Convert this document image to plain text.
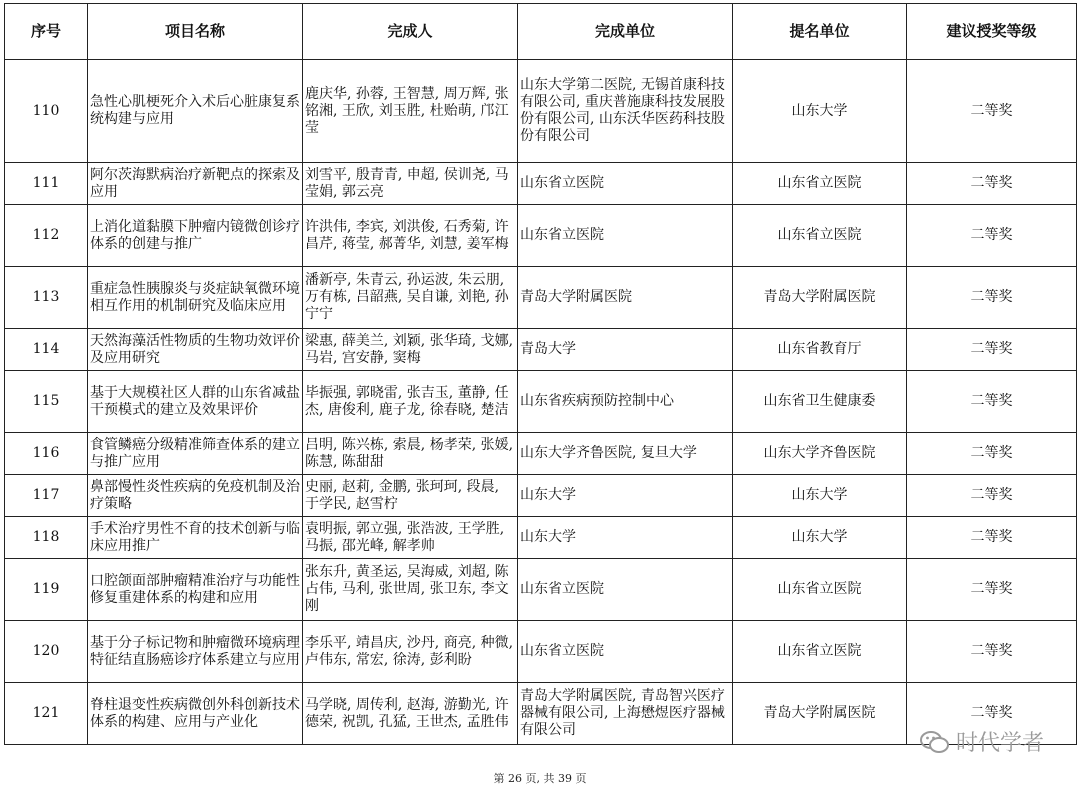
序号	项目名称	完成人	完成单位	提名单位	建议授奖等级
110	急性心肌梗死介入术后心脏康复系统构建与应用	鹿庆华, 孙蓉, 王智慧, 周万辉, 张铭湘, 王欣, 刘玉胜, 杜贻萌, 邝江莹	山东大学第二医院, 无锡首康科技有限公司, 重庆普施康科技发展股份有限公司, 山东沃华医药科技股份有限公司	山东大学	二等奖
111	阿尔茨海默病治疗新靶点的探索及应用	刘雪平, 殷青青, 申超, 侯训尧, 马莹娟, 郭云亮	山东省立医院	山东省立医院	二等奖
112	上消化道黏膜下肿瘤内镜微创诊疗体系的创建与推广	许洪伟, 李宾, 刘洪俊, 石秀菊, 许昌芹, 蒋莹, 郝菁华, 刘慧, 姜军梅	山东省立医院	山东省立医院	二等奖
113	重症急性胰腺炎与炎症缺氧微环境相互作用的机制研究及临床应用	潘新亭, 朱青云, 孙运波, 朱云朋, 万有栋, 吕韶燕, 吴自谦, 刘艳, 孙宁宁	青岛大学附属医院	青岛大学附属医院	二等奖
114	天然海藻活性物质的生物功效评价及应用研究	梁惠, 薛美兰, 刘颖, 张华琦, 戈娜, 马岩, 宫安静, 窦梅	青岛大学	山东省教育厅	二等奖
115	基于大规模社区人群的山东省减盐干预模式的建立及效果评价	毕振强, 郭晓雷, 张吉玉, 董静, 任杰, 唐俊利, 鹿子龙, 徐春晓, 楚洁	山东省疾病预防控制中心	山东省卫生健康委	二等奖
116	食管鳞癌分级精准筛查体系的建立与推广应用	吕明, 陈兴栋, 索晨, 杨孝荣, 张媛, 陈慧, 陈甜甜	山东大学齐鲁医院, 复旦大学	山东大学齐鲁医院	二等奖
117	鼻部慢性炎性疾病的免疫机制及治疗策略	史丽, 赵莉, 金鹏, 张珂珂, 段晨, 于学民, 赵雪柠	山东大学	山东大学	二等奖
118	手术治疗男性不育的技术创新与临床应用推广	袁明振, 郭立强, 张浩波, 王学胜, 马振, 邵光峰, 解孝帅	山东大学	山东大学	二等奖
119	口腔颌面部肿瘤精准治疗与功能性修复重建体系的构建和应用	张东升, 黄圣运, 吴海威, 刘超, 陈占伟, 马利, 张世周, 张卫东, 李文刚	山东省立医院	山东省立医院	二等奖
120	基于分子标记物和肿瘤微环境病理特征结直肠癌诊疗体系建立与应用	李乐平, 靖昌庆, 沙丹, 商亮, 种微, 卢伟东, 常宏, 徐涛, 彭利盼	山东省立医院	山东省立医院	二等奖
121	脊柱退变性疾病微创外科创新技术体系的构建、应用与产业化	马学晓, 周传利, 赵海, 游勤光, 许德荣, 祝凯, 孔猛, 王世杰, 孟胜伟	青岛大学附属医院, 青岛智兴医疗器械有限公司, 上海懋煜医疗器械有限公司	青岛大学附属医院	二等奖
时代学者
第 26 页, 共 39 页
